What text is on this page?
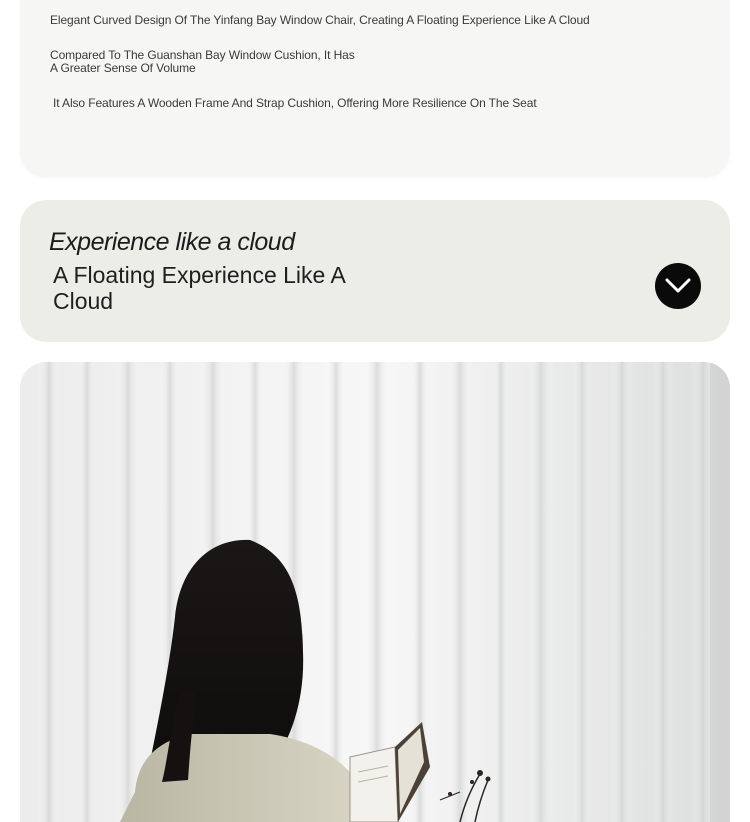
Elegant Curved Design Of The Yinfang Bay Window Chair, Creating A Floating Experience Like A Cloud
Compared To The Guanshan Bay Window Cushion, It Has
A Greater Sense Of Volume
It Also Features A Wooden Frame And Strap Cushion, Offering More Resilience On The Seat
Experience like a cloud
A Floating Experience Like A
Cloud
